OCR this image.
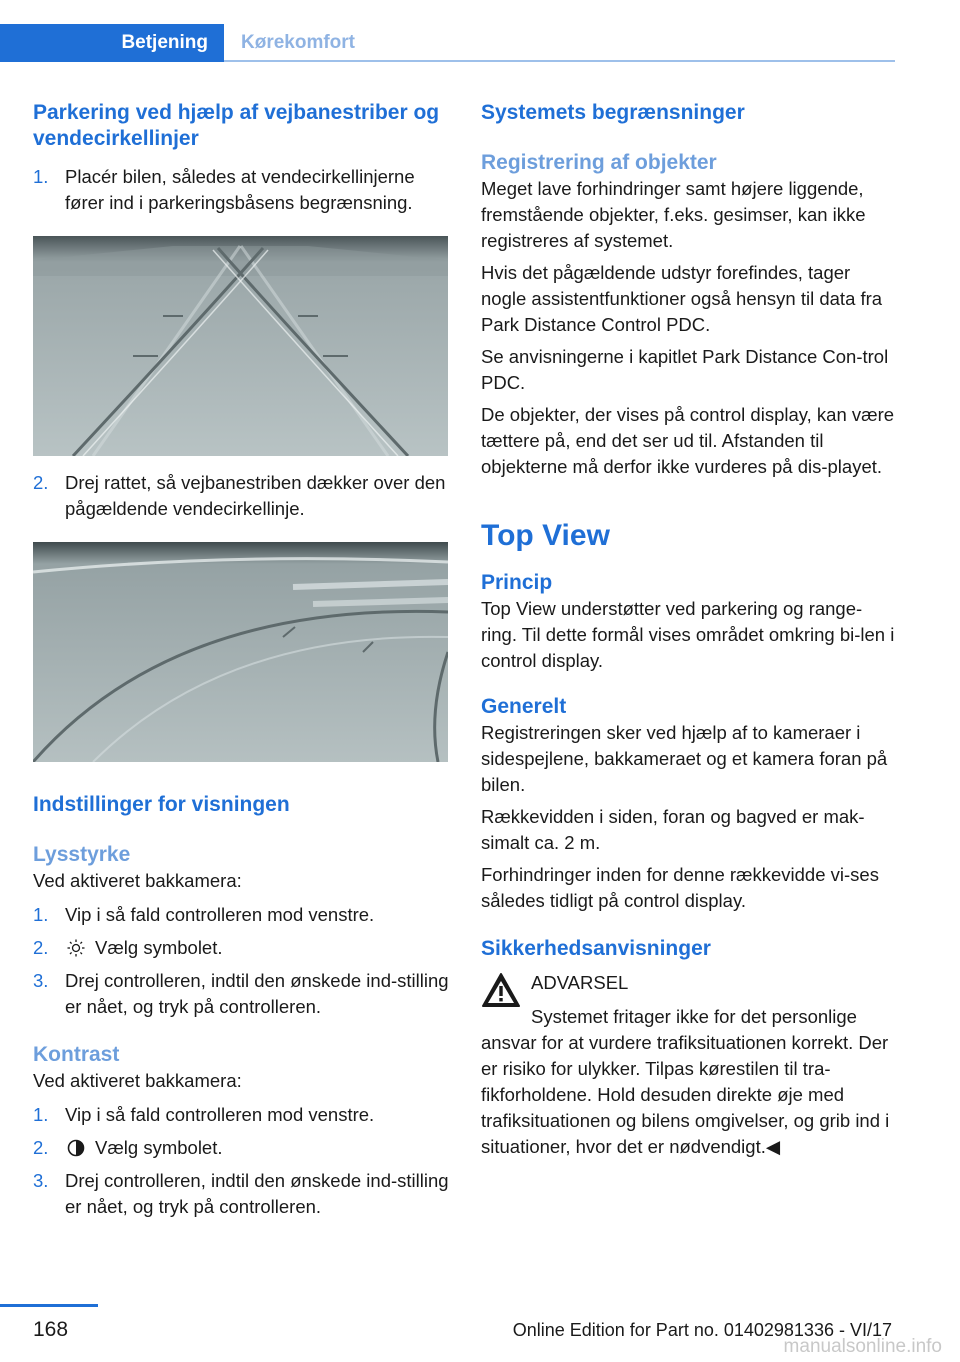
Betjening	Kørekomfort
Parkering ved hjælp af vejbanestriber og vendecirkellinjer
1. Placér bilen, således at vendecirkellinjerne fører ind i parkeringsbåsens begrænsning.
2. Drej rattet, så vejbanestriben dækker over den pågældende vendecirkellinje.
Indstillinger for visningen
Lysstyrke

Ved aktiveret bakkamera:

1. Vip i så fald controlleren mod venstre.
2.	Vælg symbolet.
3. Drej controlleren, indtil den ønskede ind-stilling er nået, og tryk på controlleren.
Kontrast

Ved aktiveret bakkamera:

1. Vip i så fald controlleren mod venstre.
2.	Vælg symbolet.
3. Drej controlleren, indtil den ønskede ind-stilling er nået, og tryk på controlleren.
Systemets begrænsninger
Registrering af objekter

Meget lave forhindringer samt højere liggende, fremstående objekter, f.eks. gesimser, kan ikke registreres af systemet.

Hvis det pågældende udstyr forefindes, tager nogle assistentfunktioner også hensyn til data fra Park Distance Control PDC.

Se anvisningerne i kapitlet Park Distance Con-trol PDC.

De objekter, der vises på control display, kan være tættere på, end det ser ud til. Afstanden til objekterne må derfor ikke vurderes på dis-playet.

Top View
Princip

Top View understøtter ved parkering og range-ring. Til dette formål vises området omkring bi-len i control display.

Generelt

Registreringen sker ved hjælp af to kameraer i sidespejlene, bakkameraet og et kamera foran på bilen.

Rækkevidden i siden, foran og bagved er mak-simalt ca. 2 m.

Forhindringer inden for denne rækkevidde vi-ses således tidligt på control display.

Sikkerhedsanvisninger

ADVARSEL

Systemet fritager ikke for det personlige

ansvar for at vurdere trafiksituationen korrekt. Der er risiko for ulykker. Tilpas kørestilen til tra-fikforholdene. Hold desuden direkte øje med trafiksituationen og bilens omgivelser, og grib ind i situationer, hvor det er nødvendigt.◀

168	Online Edition for Part no. 01402981336 - VI/17
manualsonline.info
